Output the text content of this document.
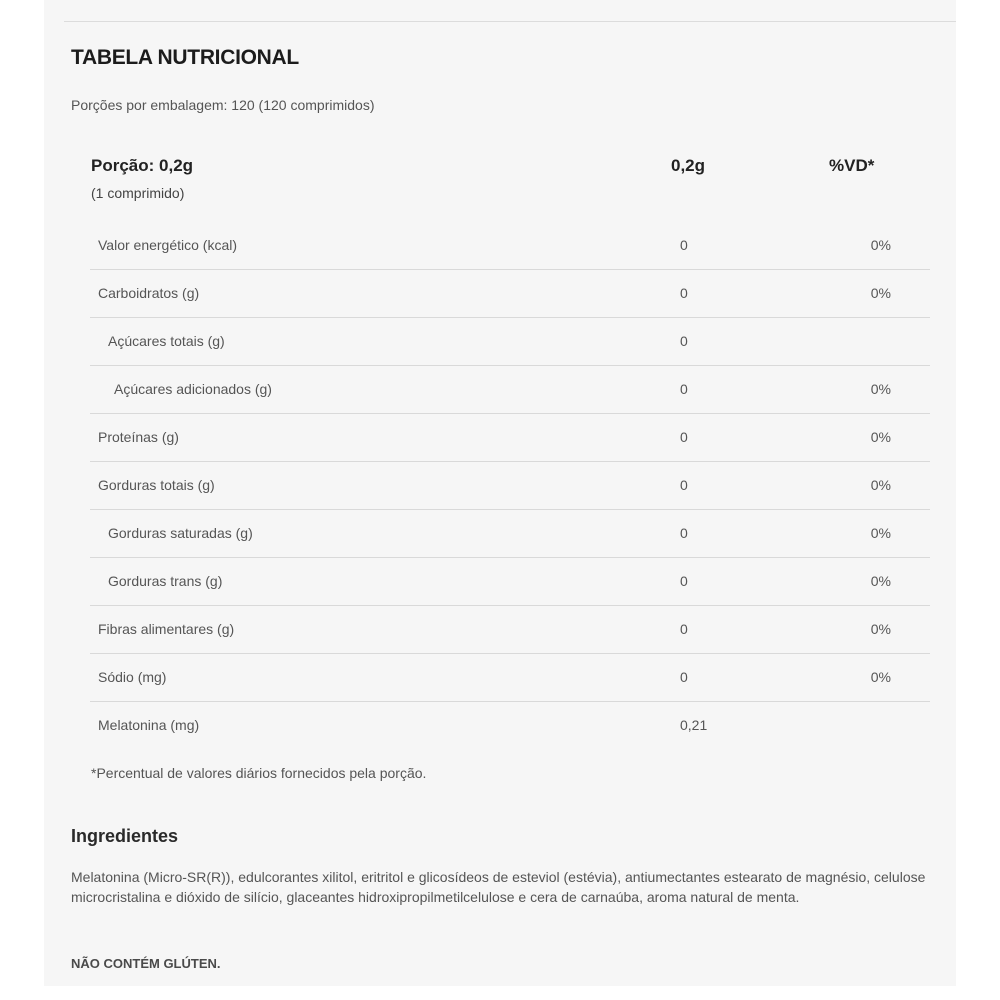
TABELA NUTRICIONAL
Porções por embalagem: 120 (120 comprimidos)
Porção: 0,2g
(1 comprimido)
0,2g	%VD*
Valor energético (kcal)	0	0%
Carboidratos (g)	0	0%
Açúcares totais (g)	0
Açúcares adicionados (g)	0	0%
Proteínas (g)	0	0%
Gorduras totais (g)	0	0%
Gorduras saturadas (g)	0	0%
Gorduras trans (g)	0	0%
Fibras alimentares (g)	0	0%
Sódio (mg)	0	0%
Melatonina (mg)	0,21
*Percentual de valores diários fornecidos pela porção.
Ingredientes

Melatonina (Micro-SR(R)), edulcorantes xilitol, eritritol e glicosídeos de esteviol (estévia), antiumectantes estearato de magnésio, celulose microcristalina e dióxido de silício, glaceantes hidroxipropilmetilcelulose e cera de carnaúba, aroma natural de menta.

NÃO CONTÉM GLÚTEN.
